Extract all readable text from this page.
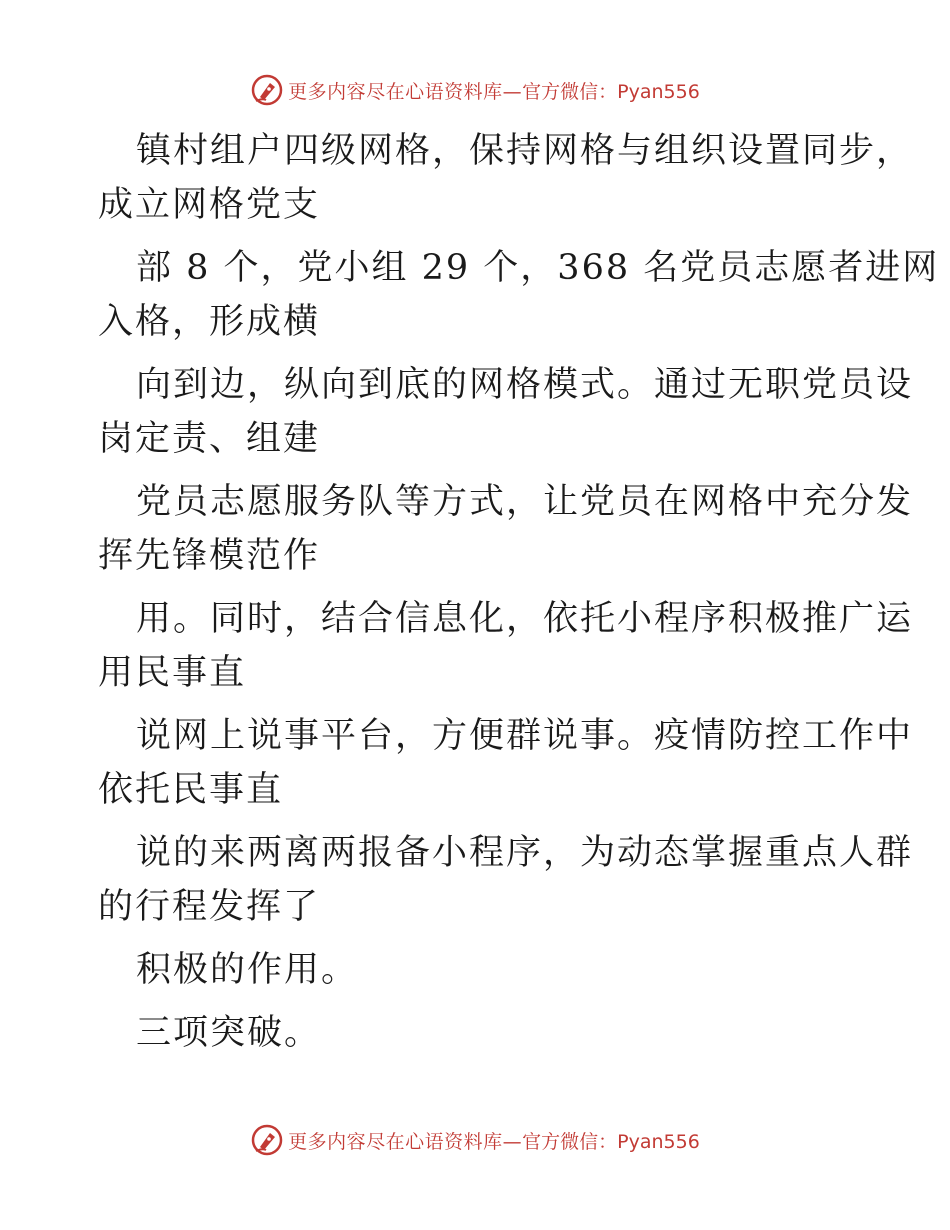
更多内容尽在心语资料库— 官方微信：Pyan556

镇村组户四级网格，保持网格与组织设置同步，

成立网格党支

部 8 个，党小组 29 个，368 名党员志愿者进网

入格，形成横

向到边，纵向到底的网格模式。通过无职党员设

岗定责、组建

党员志愿服务队等方式，让党员在网格中充分发

挥先锋模范作

用。同时，结合信息化，依托小程序积极推广运

用民事直

说网上说事平台，方便群说事。疫情防控工作中

依托民事直

说的来两离两报备小程序，为动态掌握重点人群

的行程发挥了

积极的作用。

三项突破。

更多内容尽在心语资料库— 官方微信：Pyan556
